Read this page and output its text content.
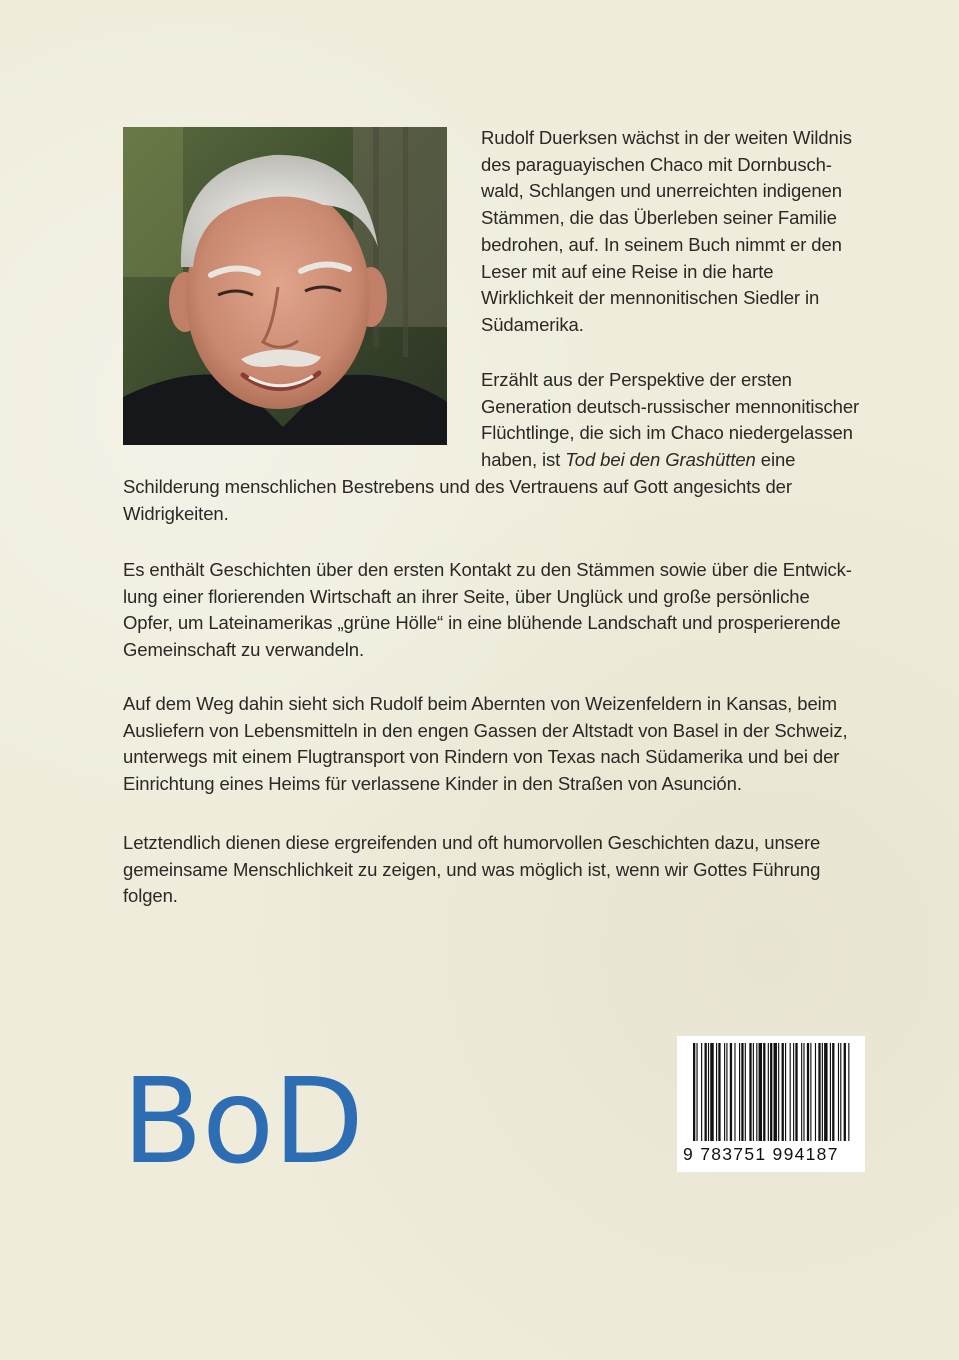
Rudolf Duerksen wächst in der weiten Wildnis
des paraguayischen Chaco mit Dornbusch-
wald, Schlangen und unerreichten indigenen
Stämmen, die das Überleben seiner Familie
bedrohen, auf. In seinem Buch nimmt er den
Leser mit auf eine Reise in die harte
Wirklichkeit der mennonitischen Siedler in
Südamerika.
Erzählt aus der Perspektive der ersten
Generation deutsch-russischer mennonitischer
Flüchtlinge, die sich im Chaco niedergelassen
haben, ist Tod bei den Grashütten eine
Schilderung menschlichen Bestrebens und des Vertrauens auf Gott angesichts der
Widrigkeiten.
Es enthält Geschichten über den ersten Kontakt zu den Stämmen sowie über die Entwick-
lung einer florierenden Wirtschaft an ihrer Seite, über Unglück und große persönliche
Opfer, um Lateinamerikas „grüne Hölle“ in eine blühende Landschaft und prosperierende
Gemeinschaft zu verwandeln.
Auf dem Weg dahin sieht sich Rudolf beim Abernten von Weizenfeldern in Kansas, beim
Ausliefern von Lebensmitteln in den engen Gassen der Altstadt von Basel in der Schweiz,
unterwegs mit einem Flugtransport von Rindern von Texas nach Südamerika und bei der
Einrichtung eines Heims für verlassene Kinder in den Straßen von Asunción.
Letztendlich dienen diese ergreifenden und oft humorvollen Geschichten dazu, unsere
gemeinsame Menschlichkeit zu zeigen, und was möglich ist, wenn wir Gottes Führung
folgen.
BoD	9 783751 994187
